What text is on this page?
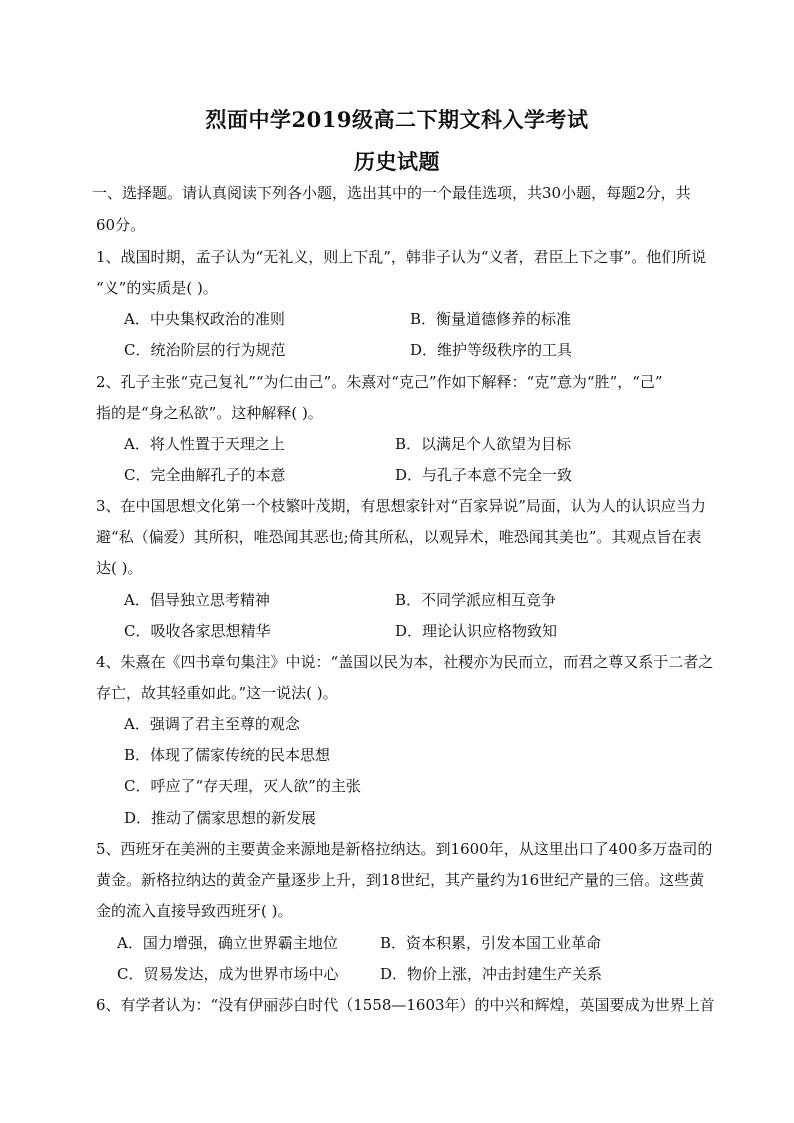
烈面中学2019级高二下期文科入学考试
历史试题
一、选择题。请认真阅读下列各小题，选出其中的一个最佳选项，共30小题，每题2分，共
60分。
1、战国时期，孟子认为“无礼义，则上下乱”，韩非子认为“义者，君臣上下之事”。他们所说
“义”的实质是( )。
A．中央集权政治的准则	B．衡量道德修养的标准
C．统治阶层的行为规范	D．维护等级秩序的工具
2、孔子主张“克己复礼”“为仁由己”。朱熹对“克己”作如下解释：“克”意为“胜”，“己”
指的是“身之私欲”。这种解释( )。
A．将人性置于天理之上	B．以满足个人欲望为目标
C．完全曲解孔子的本意	D．与孔子本意不完全一致
3、在中国思想文化第一个枝繁叶茂期，有思想家针对“百家异说”局面，认为人的认识应当力
避“私（偏爱）其所积，唯恐闻其恶也;倚其所私，以观异术，唯恐闻其美也”。其观点旨在表
达( )。
A．倡导独立思考精神	B．不同学派应相互竞争
C．吸收各家思想精华	D．理论认识应格物致知
4、朱熹在《四书章句集注》中说：“盖国以民为本，社稷亦为民而立，而君之尊又系于二者之
存亡，故其轻重如此。”这一说法( )。
A．强调了君主至尊的观念
B．体现了儒家传统的民本思想
C．呼应了“存天理，灭人欲”的主张
D．推动了儒家思想的新发展
5、西班牙在美洲的主要黄金来源地是新格拉纳达。到1600年，从这里出口了400多万盎司的
黄金。新格拉纳达的黄金产量逐步上升，到18世纪，其产量约为16世纪产量的三倍。这些黄
金的流入直接导致西班牙( )。
A．国力增强，确立世界霸主地位	B．资本积累，引发本国工业革命
C．贸易发达，成为世界市场中心	D．物价上涨，冲击封建生产关系
6、有学者认为：“没有伊丽莎白时代（1558—1603年）的中兴和辉煌，英国要成为世界上首
